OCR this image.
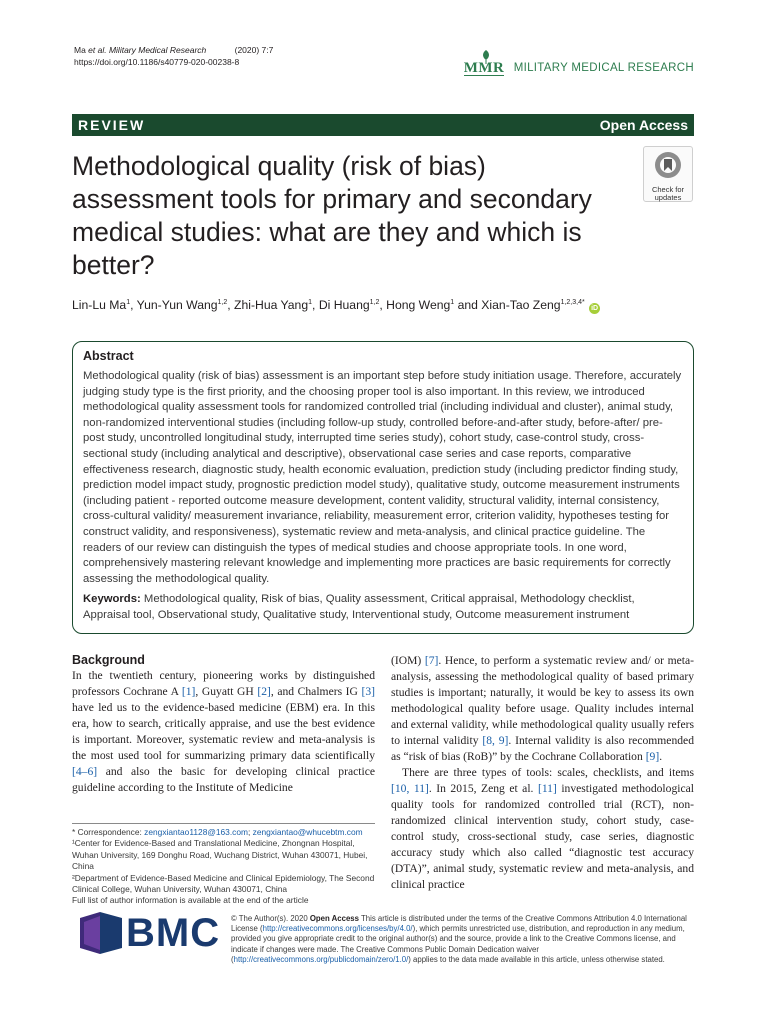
Ma et al. Military Medical Research	(2020) 7:7
https://doi.org/10.1186/s40779-020-00238-8	MMR MILITARY MEDICAL RESEARCH
REVIEW	Open Access
Methodological quality (risk of bias) assessment tools for primary and secondary medical studies: what are they and which is better?
Check for updates
Lin-Lu Ma$^1$, Yun-Yun Wang$^{1,2}$, Zhi-Hua Yang$^1$, Di Huang$^{1,2}$, Hong Weng$^1$ and Xian-Tao Zeng$^{1,2,3,4*}$ iD
Abstract
Methodological quality (risk of bias) assessment is an important step before study initiation usage. Therefore, accurately judging study type is the first priority, and the choosing proper tool is also important. In this review, we introduced methodological quality assessment tools for randomized controlled trial (including individual and cluster), animal study, non-randomized interventional studies (including follow-up study, controlled before-and-after study, before-after/ pre-post study, uncontrolled longitudinal study, interrupted time series study), cohort study, case-control study, cross-sectional study (including analytical and descriptive), observational case series and case reports, comparative effectiveness research, diagnostic study, health economic evaluation, prediction study (including predictor finding study, prediction model impact study, prognostic prediction model study), qualitative study, outcome measurement instruments (including patient - reported outcome measure development, content validity, structural validity, internal consistency, cross-cultural validity/ measurement invariance, reliability, measurement error, criterion validity, hypotheses testing for construct validity, and responsiveness), systematic review and meta-analysis, and clinical practice guideline. The readers of our review can distinguish the types of medical studies and choose appropriate tools. In one word, comprehensively mastering relevant knowledge and implementing more practices are basic requirements for correctly assessing the methodological quality.
Keywords: Methodological quality, Risk of bias, Quality assessment, Critical appraisal, Methodology checklist, Appraisal tool, Observational study, Qualitative study, Interventional study, Outcome measurement instrument
Background

In the twentieth century, pioneering works by distinguished professors Cochrane A [1], Guyatt GH [2], and Chalmers IG [3] have led us to the evidence-based medicine (EBM) era. In this era, how to search, critically appraise, and use the best evidence is important. Moreover, systematic review and meta-analysis is the most used tool for summarizing primary data scientifically [4–6] and also the basic for developing clinical practice guideline according to the Institute of Medicine

(IOM) [7]. Hence, to perform a systematic review and/ or meta-analysis, assessing the methodological quality of based primary studies is important; naturally, it would be key to assess its own methodological quality before usage. Quality includes internal and external validity, while methodological quality usually refers to internal validity [8, 9]. Internal validity is also recommended as “risk of bias (RoB)” by the Cochrane Collaboration [9].

There are three types of tools: scales, checklists, and items [10, 11]. In 2015, Zeng et al. [11] investigated methodological quality tools for randomized controlled trial (RCT), non-randomized clinical intervention study, cohort study, case-control study, cross-sectional study, case series, diagnostic accuracy study which also called “diagnostic test accuracy (DTA)”, animal study, systematic review and meta-analysis, and clinical practice

* Correspondence: zengxiantao1128@163.com; zengxiantao@whucebtm.com

¹Center for Evidence-Based and Translational Medicine, Zhongnan Hospital, Wuhan University, 169 Donghu Road, Wuchang District, Wuhan 430071, Hubei, China

²Department of Evidence-Based Medicine and Clinical Epidemiology, The Second Clinical College, Wuhan University, Wuhan 430071, China

Full list of author information is available at the end of the article

BMC © The Author(s). 2020 Open Access This article is distributed under the terms of the Creative Commons Attribution 4.0 International License (http://creativecommons.org/licenses/by/4.0/), which permits unrestricted use, distribution, and reproduction in any medium, provided you give appropriate credit to the original author(s) and the source, provide a link to the Creative Commons license, and indicate if changes were made. The Creative Commons Public Domain Dedication waiver (http://creativecommons.org/publicdomain/zero/1.0/) applies to the data made available in this article, unless otherwise stated.
